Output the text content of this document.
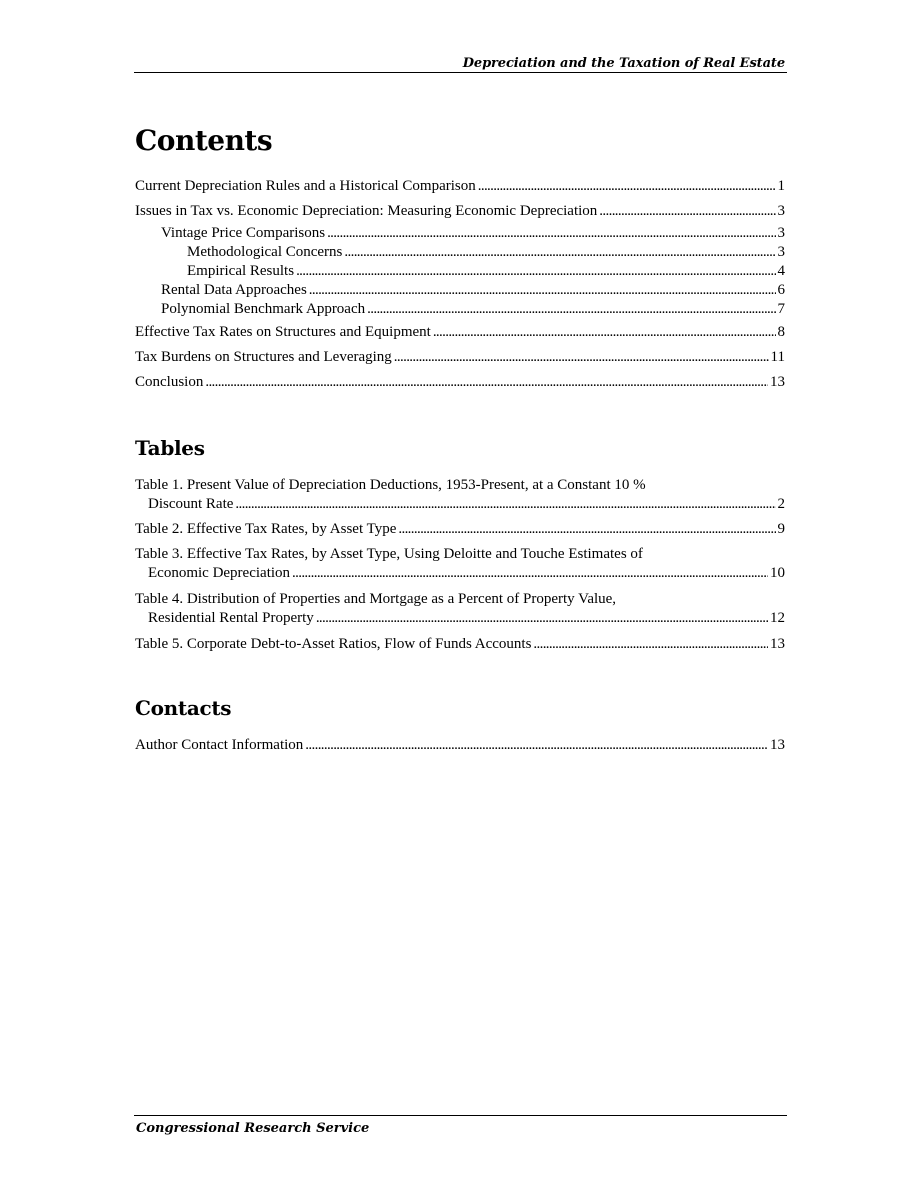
Depreciation and the Taxation of Real Estate
Contents
Current Depreciation Rules and a Historical Comparison . . .	1
Issues in Tax vs. Economic Depreciation: Measuring Economic Depreciation . . .	3
Vintage Price Comparisons . . .	3
Methodological Concerns . . .	3
Empirical Results . . .	4
Rental Data Approaches . . .	6
Polynomial Benchmark Approach . . .	7
Effective Tax Rates on Structures and Equipment . . .	8
Tax Burdens on Structures and Leveraging . . .	11
Conclusion . . .	13
Tables
Table 1. Present Value of Depreciation Deductions, 1953-Present, at a Constant 10 %
Discount Rate . . .	2
Table 2. Effective Tax Rates, by Asset Type . . .	9
Table 3. Effective Tax Rates, by Asset Type, Using Deloitte and Touche Estimates of
Economic Depreciation . . .	10
Table 4. Distribution of Properties and Mortgage as a Percent of Property Value,
Residential Rental Property . . .	12
Table 5. Corporate Debt-to-Asset Ratios, Flow of Funds Accounts . . .	13
Contacts
Author Contact Information . . .	13
Congressional Research Service
